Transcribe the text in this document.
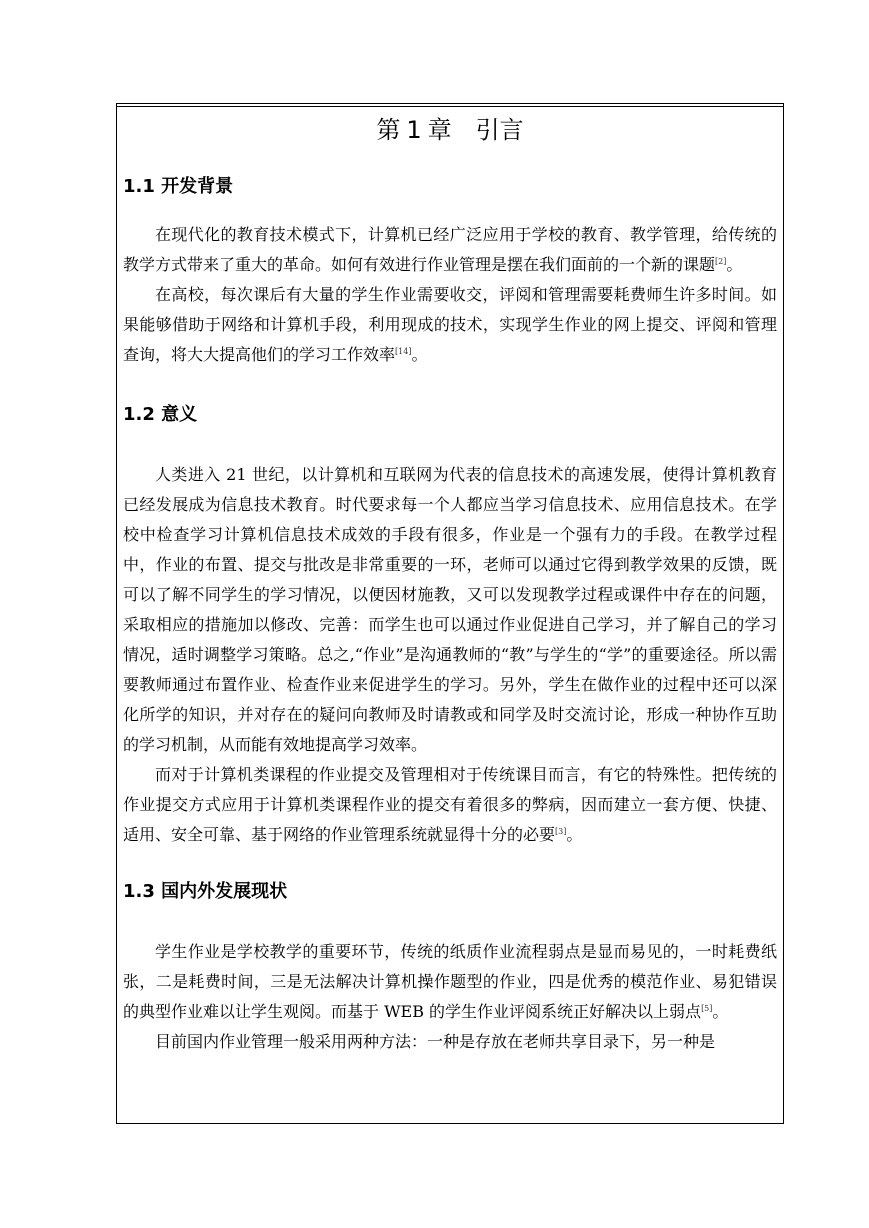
第 1 章 引言
1.1 开发背景

在现代化的教育技术模式下，计算机已经广泛应用于学校的教育、教学管理，给传统的教学方式带来了重大的革命。如何有效进行作业管理是摆在我们面前的一个新的课题[2]。

在高校，每次课后有大量的学生作业需要收交，评阅和管理需要耗费师生许多时间。如果能够借助于网络和计算机手段，利用现成的技术，实现学生作业的网上提交、评阅和管理查询，将大大提高他们的学习工作效率[14]。

1.2 意义

人类进入 21 世纪，以计算机和互联网为代表的信息技术的高速发展，使得计算机教育已经发展成为信息技术教育。时代要求每一个人都应当学习信息技术、应用信息技术。在学校中检查学习计算机信息技术成效的手段有很多，作业是一个强有力的手段。在教学过程中，作业的布置、提交与批改是非常重要的一环，老师可以通过它得到教学效果的反馈，既可以了解不同学生的学习情况，以便因材施教，又可以发现教学过程或课件中存在的问题，采取相应的措施加以修改、完善：而学生也可以通过作业促进自己学习，并了解自己的学习情况，适时调整学习策略。总之,“作业”是沟通教师的“教”与学生的“学”的重要途径。所以需要教师通过布置作业、检查作业来促进学生的学习。另外，学生在做作业的过程中还可以深化所学的知识，并对存在的疑问向教师及时请教或和同学及时交流讨论，形成一种协作互助的学习机制，从而能有效地提高学习效率。

而对于计算机类课程的作业提交及管理相对于传统课目而言，有它的特殊性。把传统的作业提交方式应用于计算机类课程作业的提交有着很多的弊病，因而建立一套方便、快捷、适用、安全可靠、基于网络的作业管理系统就显得十分的必要[3]。

1.3 国内外发展现状

学生作业是学校教学的重要环节，传统的纸质作业流程弱点是显而易见的，一时耗费纸张，二是耗费时间，三是无法解决计算机操作题型的作业，四是优秀的模范作业、易犯错误的典型作业难以让学生观阅。而基于 WEB 的学生作业评阅系统正好解决以上弱点[5]。

目前国内作业管理一般采用两种方法：一种是存放在老师共享目录下，另一种是
